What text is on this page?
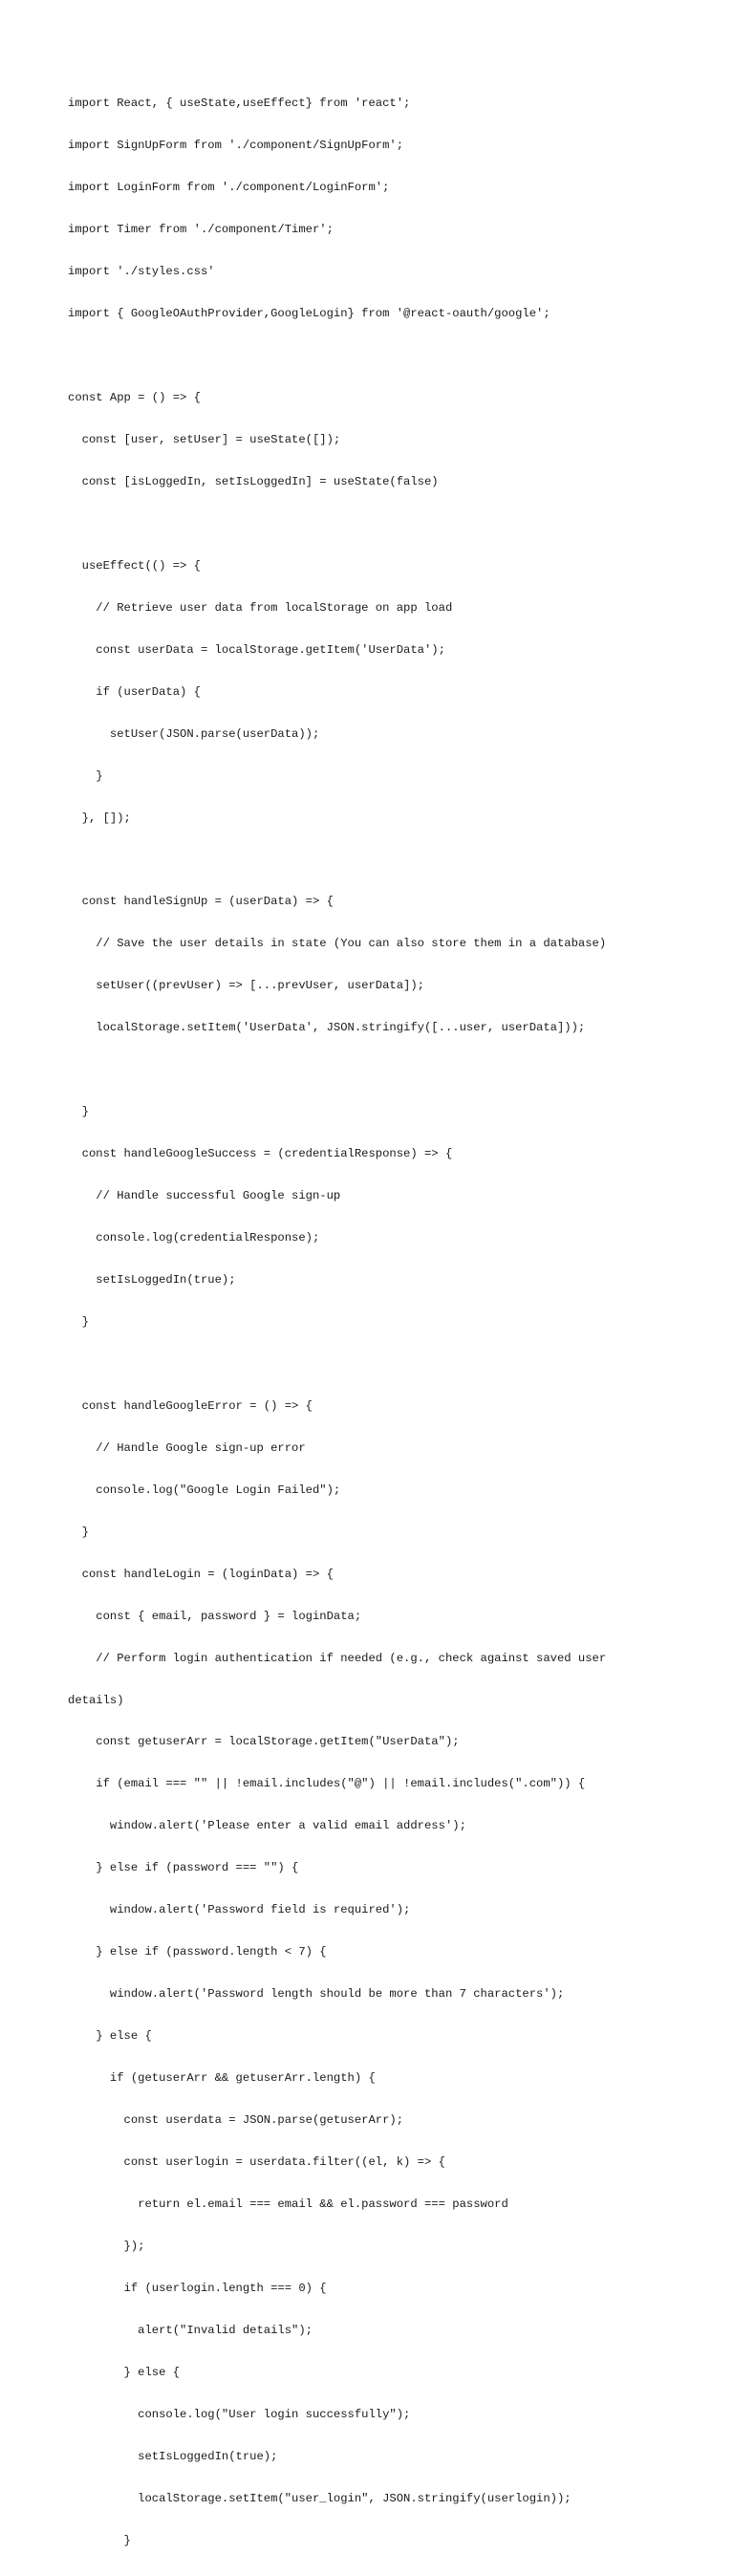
import React, { useState,useEffect} from 'react';

import SignUpForm from './component/SignUpForm';

import LoginForm from './component/LoginForm';

import Timer from './component/Timer';

import './styles.css'

import { GoogleOAuthProvider,GoogleLogin} from '@react-oauth/google';

const App = () => {

const [user, setUser] = useState([]);

const [isLoggedIn, setIsLoggedIn] = useState(false)

useEffect(() => {

// Retrieve user data from localStorage on app load

const userData = localStorage.getItem('UserData');

if (userData) {

setUser(JSON.parse(userData));

}

}, []);

const handleSignUp = (userData) => {

// Save the user details in state (You can also store them in a database)

setUser((prevUser) => [...prevUser, userData]);

localStorage.setItem('UserData', JSON.stringify([...user, userData]));

}

const handleGoogleSuccess = (credentialResponse) => {

// Handle successful Google sign-up

console.log(credentialResponse);

setIsLoggedIn(true);

}

const handleGoogleError = () => {

// Handle Google sign-up error

console.log("Google Login Failed");

}

const handleLogin = (loginData) => {

const { email, password } = loginData;

// Perform login authentication if needed (e.g., check against saved user

details)

const getuserArr = localStorage.getItem("UserData");

if (email === "" || !email.includes("@") || !email.includes(".com")) {

window.alert('Please enter a valid email address');

} else if (password === "") {

window.alert('Password field is required');

} else if (password.length < 7) {

window.alert('Password length should be more than 7 characters');

} else {

if (getuserArr && getuserArr.length) {

const userdata = JSON.parse(getuserArr);

const userlogin = userdata.filter((el, k) => {

return el.email === email && el.password === password

});

if (userlogin.length === 0) {

alert("Invalid details");

} else {

console.log("User login successfully");

setIsLoggedIn(true);

localStorage.setItem("user_login", JSON.stringify(userlogin));

}
